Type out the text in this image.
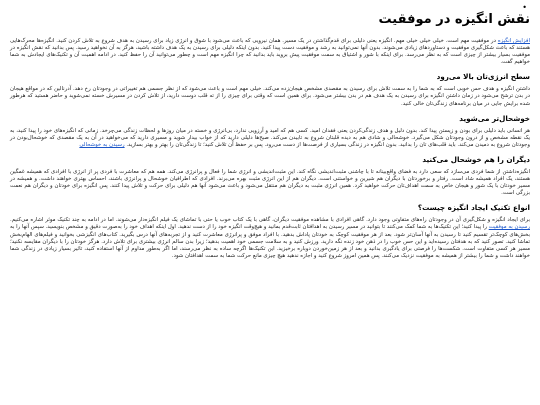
•
نقش انگیزه در موفقیت

افزایش انگیزه در موفقیت مهم است. خیلی خیلی خیلی مهم. انگیزه یعنی دلیلی برای قدم‌گذاشتن در یک مسیر. همان نیرویی که باعث می‌شود با شوق و انرژی زیاد برای رسیدن به هدف شروع به تلاش کردن کنید. انگیزه‌ها محرک‌هایی هستند که باعث شکل‌گیری موفقیت و دستاوردهای زیادی می‌شوند. بدون آنها نمی‌توانید به رشد و موفقیت دست پیدا کنید. بدون اینکه دلیلی برای رسیدن به یک هدف داشته باشید، هرگز به آن نخواهید رسید. پس بدانید که نقش انگیزه در موفقیت بسیار بیشتر از چیزی است که به نظر می‌رسد. برای اینکه با شور و اشتیاق به سمت موفقیت پیش بروید باید بدانید که چرا انگیزه مهم است و چطور می‌توانید آن را حفظ کنید. در ادامه اهمیت آن و تکنیک‌های ایجادش به شما خواهیم گفت.

سطح انرژی‌تان بالا می‌رود

داشتن انگیزه و هدف حس خوبی است که به شما را به سمت تلاش برای رسیدن به مقصدی مشخص هیجان‌زده می‌کند. خیلی مهم است و باعث می‌شود که از نظر جسمی هم تغییراتی در وجودتان رخ دهد. آدرنالین که در مواقع هیجان در بدن ترشح می‌شود در زمان داشتن انگیزه برای رسیدن به یک هدف هم در بدن بیشتر می‌شود. برای همین است که وقتی برای چیزی را از ته قلب دوست دارید، از تلاش کردن در مسیرش خسته نمی‌شوید و حاضر هستید که هرطور شده برایش جایی در میان برنامه‌های زندگی‌تان خالی کنید.

خوشحال‌تر می‌شوید

هر انسانی باید دلیلی برای بودن و زیستن پیدا کند. بدون دلیل و هدف زندگی‌کردن یعنی فقدان امید. کسی هم که امید و آرزویی ندارد، بی‌انرژی و خسته در میان روزها و لحظات زندگی می‌چرخد. زمانی که انگیزه‌های خود را پیدا کنید، به یک نقطه مشخص و از درون وجودتان شکل می‌گیرد. خوشحالی و شادی هم به دیده قلبتان شروع به تابیدن می‌کند. صبح‌ها دلیلی دارید که از خواب بیدار شوید و مسیری دارید که می‌خواهید در آن به یک مقصدی که خوشحال‌بودن در وجودتان شروع به دمیدن می‌کند. باید قلب‌های تان را بدانید. بدون انگیزه در زندگی بسیاری از فرصت‌ها از دست می‌رود. پس بر حفظ آن تلاش کنید؛ تا زندگی‌تان را بهتر و بهتر بسازید. رسیدن به خوشحالی

دیگران را هم خوشحال می‌کنید

انگیزه‌داشتن از شما فردی می‌سازد که سعی دارد به فضای واقع‌بینانه‌ تا با چاشنی مثبت‌اندیشی نگاه کند. این مثبت‌اندیشی و انرژی شما را فعال و پرانرژی می‌کند. همه هم که معاشرت با فردی پر از انرژی با افرادی که همیشه غمگین هستند، یک افراد همیشه شاد است. رفتار و برخوردتان با دیگران هم شیرین و خواستنی است. دیگران هم از این انرژی مثبت بهره می‌برند. افرادی که اطرافیان خوشحال و پرانرژی باشند، احساس بهتری خواهند داشت. و همیشه در مسیر خودتان با یک شور و هیجان خاص به سمت اهداف‌تان حرکت خواهید کرد. همین انرژی مثبت به دیگران هم منتقل می‌شود و باعث می‌شود آنها هم دلیلی برای حرکت و تلاش پیدا کنند. پس انگیزه برای خودتان و دیگران هم نعمت بزرگی است.

انواع تکنیک ایجاد انگیزه چیست؟

برای ایجاد انگیزه و شکل‌گیری آن در وجودتان راه‌های متفاوتی وجود دارد. گاهی افرادی با مشاهده موفقیت دیگران، گاهی با یک کتاب خوب یا حتی با تماشای یک فیلم انگیزه‌دار می‌شوند. اما در ادامه به چند تکنیک موثر اشاره می‌کنیم. رسیدن به موفقیت را پیدا کنید؛ این تکنیک‌ها به شما کمک می‌کنند تا بتوانید در مسیر رسیدن به اهدافتان ثابت‌قدم بمانید و هیچ‌وقت انگیزه خود را از دست ندهید. اول اینکه اهداف خود را به‌صورت دقیق و مشخص بنویسید. سپس آنها را به بخش‌های کوچک‌تر تقسیم کنید تا رسیدن به آنها آسان‌تر شود. بعد از هر موفقیت کوچک به خودتان پاداش بدهید. با افراد موفق و پرانرژی معاشرت کنید و از تجربه‌های آنها درس بگیرید. کتاب‌های انگیزشی بخوانید و فیلم‌های الهام‌بخش تماشا کنید. تصور کنید که به هدفتان رسیده‌اید و این حس خوب را در ذهن خود زنده نگه دارید. ورزش کنید و به سلامت جسمی خود اهمیت بدهید؛ زیرا بدن سالم انرژی بیشتری برای تلاش دارد. هرگز خودتان را با دیگران مقایسه نکنید؛ مسیر هر کسی متفاوت است. شکست‌ها را فرصتی برای یادگیری بدانید و بعد از هر زمین‌خوردن دوباره برخیزید. این تکنیک‌ها اگرچه ساده به نظر می‌رسند، اما اگر به‌طور مداوم از آنها استفاده کنید، تاثیر بسیار زیادی در زندگی شما خواهند داشت و شما را بیشتر از همیشه به موفقیت نزدیک می‌کنند. پس همین امروز شروع کنید و اجازه ندهید هیچ چیزی مانع حرکت شما به سمت اهدافتان شود.
